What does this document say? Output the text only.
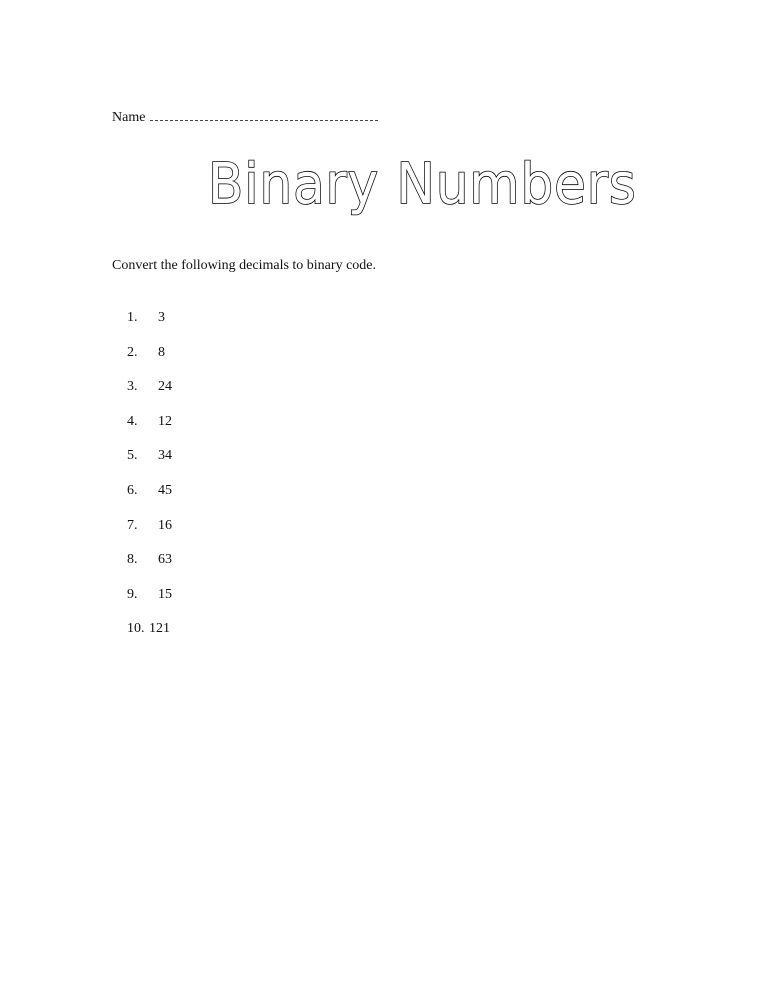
Name
Binary Numbers
Convert the following decimals to binary code.
1.	3
2.	8
3.	24
4.	12
5.	34
6.	45
7.	16
8.	63
9.	15
10. 121
